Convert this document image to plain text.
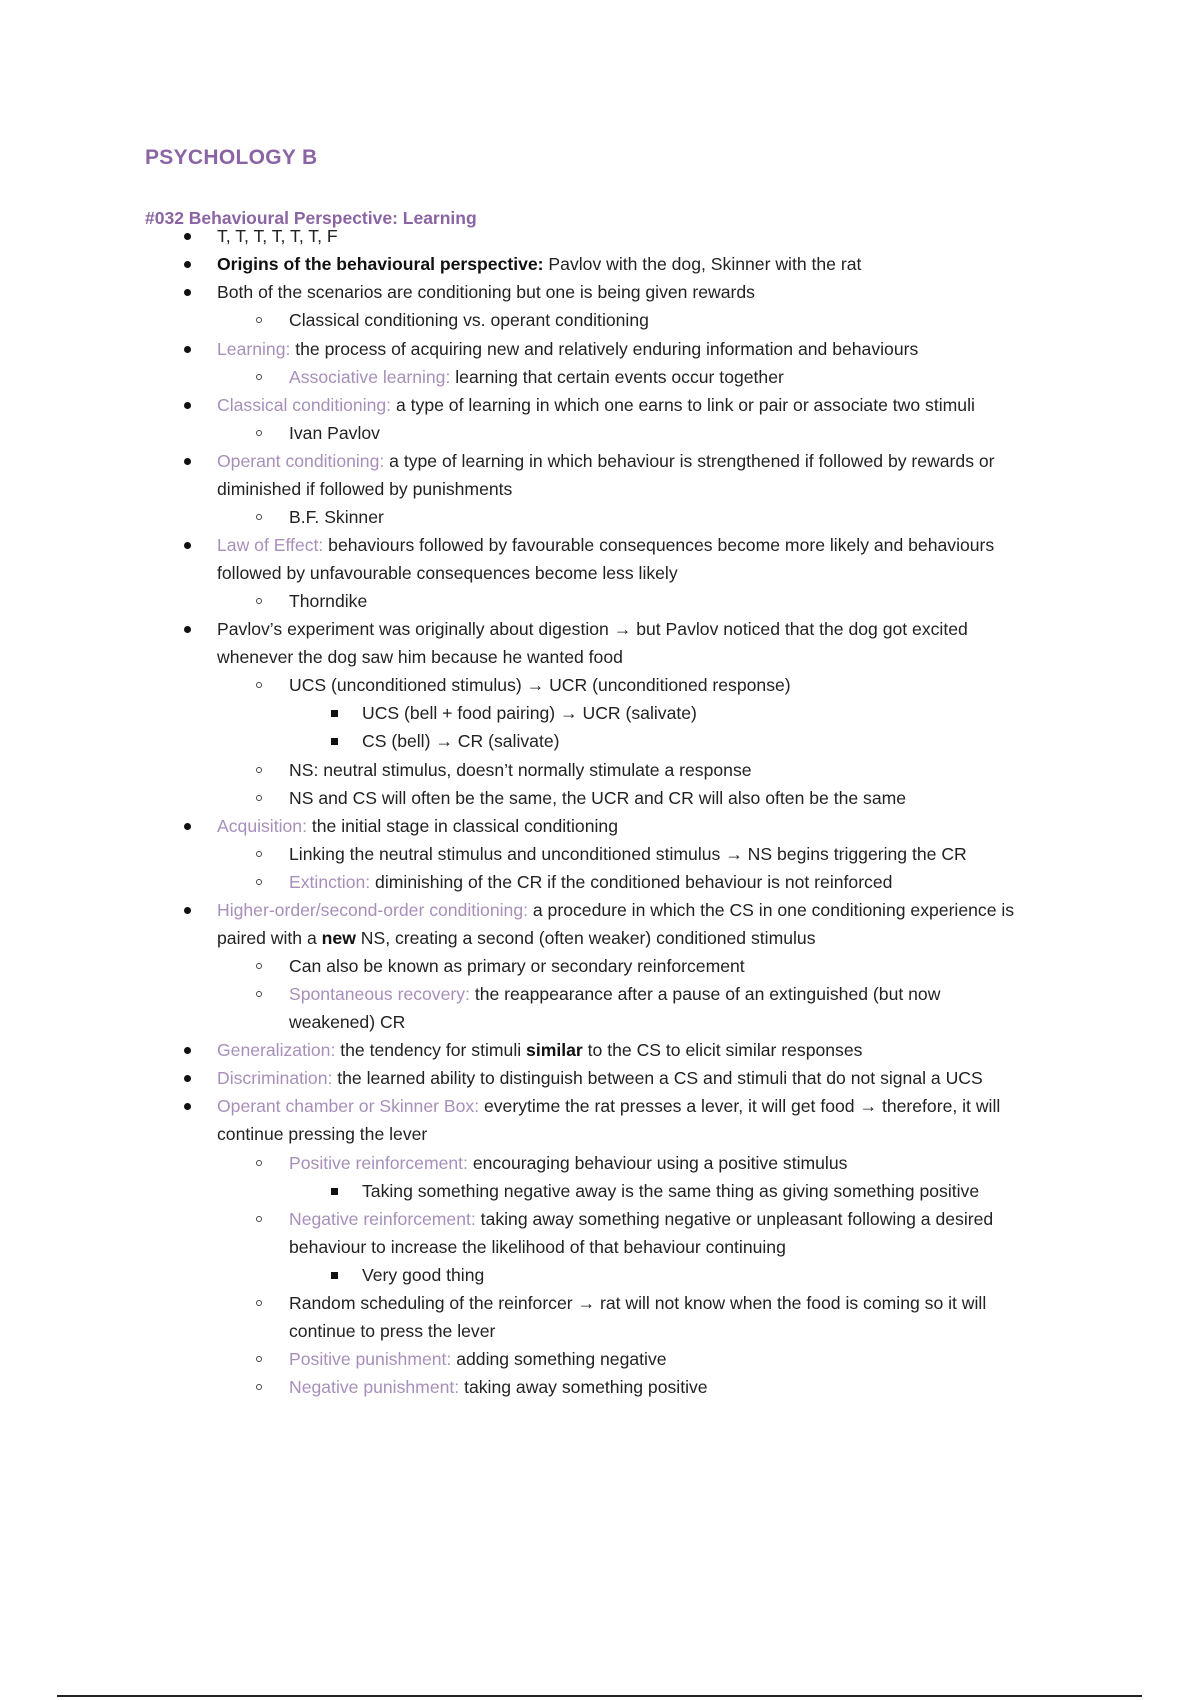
PSYCHOLOGY B
#032 Behavioural Perspective: Learning
T, T, T, T, T, T, F
Origins of the behavioural perspective: Pavlov with the dog, Skinner with the rat
Both of the scenarios are conditioning but one is being given rewards
Classical conditioning vs. operant conditioning
Learning: the process of acquiring new and relatively enduring information and behaviours
Associative learning: learning that certain events occur together
Classical conditioning: a type of learning in which one earns to link or pair or associate two stimuli
Ivan Pavlov
Operant conditioning: a type of learning in which behaviour is strengthened if followed by rewards or
diminished if followed by punishments
B.F. Skinner
Law of Effect: behaviours followed by favourable consequences become more likely and behaviours
followed by unfavourable consequences become less likely
Thorndike
Pavlov’s experiment was originally about digestion → but Pavlov noticed that the dog got excited
whenever the dog saw him because he wanted food
UCS (unconditioned stimulus) → UCR (unconditioned response)
UCS (bell + food pairing) → UCR (salivate)
CS (bell) → CR (salivate)
NS: neutral stimulus, doesn’t normally stimulate a response
NS and CS will often be the same, the UCR and CR will also often be the same
Acquisition: the initial stage in classical conditioning
Linking the neutral stimulus and unconditioned stimulus → NS begins triggering the CR
Extinction: diminishing of the CR if the conditioned behaviour is not reinforced
Higher-order/second-order conditioning: a procedure in which the CS in one conditioning experience is
paired with a new NS, creating a second (often weaker) conditioned stimulus
Can also be known as primary or secondary reinforcement
Spontaneous recovery: the reappearance after a pause of an extinguished (but now
weakened) CR
Generalization: the tendency for stimuli similar to the CS to elicit similar responses
Discrimination: the learned ability to distinguish between a CS and stimuli that do not signal a UCS
Operant chamber or Skinner Box: everytime the rat presses a lever, it will get food → therefore, it will
continue pressing the lever
Positive reinforcement: encouraging behaviour using a positive stimulus
Taking something negative away is the same thing as giving something positive
Negative reinforcement: taking away something negative or unpleasant following a desired
behaviour to increase the likelihood of that behaviour continuing
Very good thing
Random scheduling of the reinforcer → rat will not know when the food is coming so it will
continue to press the lever
Positive punishment: adding something negative
Negative punishment: taking away something positive
